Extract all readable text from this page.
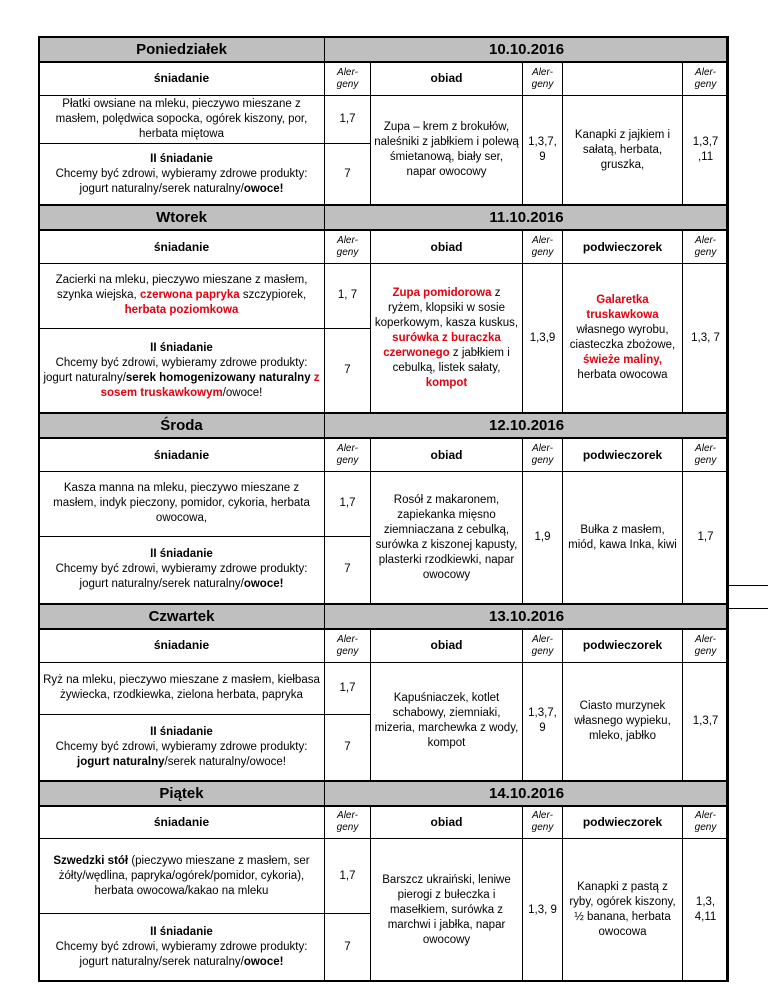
Poniedziałek	10.10.2016				
śniadanie	Aler-geny	obiad	Aler-geny		Aler-geny
Płatki owsiane na mleku, pieczywo mieszane z masłem, polędwica sopocka, ogórek kiszony, por, herbata miętowa	1,7	Zupa – krem z brokułów, naleśniki z jabłkiem i polewą śmietanową, biały ser, napar owocowy	1,3,7, 9	Kanapki z jajkiem i sałatą, herbata, gruszka,	1,3,7 ,11

II śniadanie
Chcemy być zdrowi, wybieramy zdrowe produkty: jogurt naturalny/serek naturalny/owoce!	7				
Wtorek	11.10.2016				
śniadanie	Aler-geny	obiad	Aler-geny	podwieczorek	Aler-geny
Zacierki na mleku, pieczywo mieszane z masłem, szynka wiejska, czerwona papryka szczypiorek, herbata poziomkowa	1, 7	Zupa pomidorowa z ryżem, klopsiki w sosie koperkowym, kasza kuskus, surówka z buraczka czerwonego z jabłkiem i cebulką, listek sałaty, kompot	1,3,9	Galaretka truskawkowa własnego wyrobu, ciasteczka zbożowe, świeże maliny, herbata owocowa	1,3, 7

II śniadanie
Chcemy być zdrowi, wybieramy zdrowe produkty: jogurt naturalny/serek homogenizowany naturalny z sosem truskawkowym/owoce!	7				
Środa	12.10.2016				
śniadanie	Aler-geny	obiad	Aler-geny	podwieczorek	Aler-geny
Kasza manna na mleku, pieczywo mieszane z masłem, indyk pieczony, pomidor, cykoria, herbata owocowa,	1,7	Rosół z makaronem, zapiekanka mięsno ziemniaczana z cebulką, surówka z kiszonej kapusty, plasterki rzodkiewki, napar owocowy	1,9	Bułka z masłem, miód, kawa Inka, kiwi	1,7

II śniadanie
Chcemy być zdrowi, wybieramy zdrowe produkty: jogurt naturalny/serek naturalny/owoce!	7				
Czwartek	13.10.2016				
śniadanie	Aler-geny	obiad	Aler-geny	podwieczorek	Aler-geny
Ryż na mleku, pieczywo mieszane z masłem, kiełbasa żywiecka, rzodkiewka, zielona herbata, papryka	1,7	Kapuśniaczek, kotlet schabowy, ziemniaki, mizeria, marchewka z wody, kompot	1,3,7, 9	Ciasto murzynek własnego wypieku, mleko, jabłko	1,3,7

II śniadanie
Chcemy być zdrowi, wybieramy zdrowe produkty: jogurt naturalny/serek naturalny/owoce!	7				
Piątek	14.10.2016				
śniadanie	Aler-geny	obiad	Aler-geny	podwieczorek	Aler-geny
Szwedzki stół (pieczywo mieszane z masłem, ser żółty/wędlina, papryka/ogórek/pomidor, cykoria), herbata owocowa/kakao na mleku	1,7	Barszcz ukraiński, leniwe pierogi z bułeczka i masełkiem, surówka z marchwi i jabłka, napar owocowy	1,3, 9	Kanapki z pastą z ryby, ogórek kiszony, ½ banana, herbata owocowa	1,3, 4,11

II śniadanie
Chcemy być zdrowi, wybieramy zdrowe produkty: jogurt naturalny/serek naturalny/owoce!	7				
